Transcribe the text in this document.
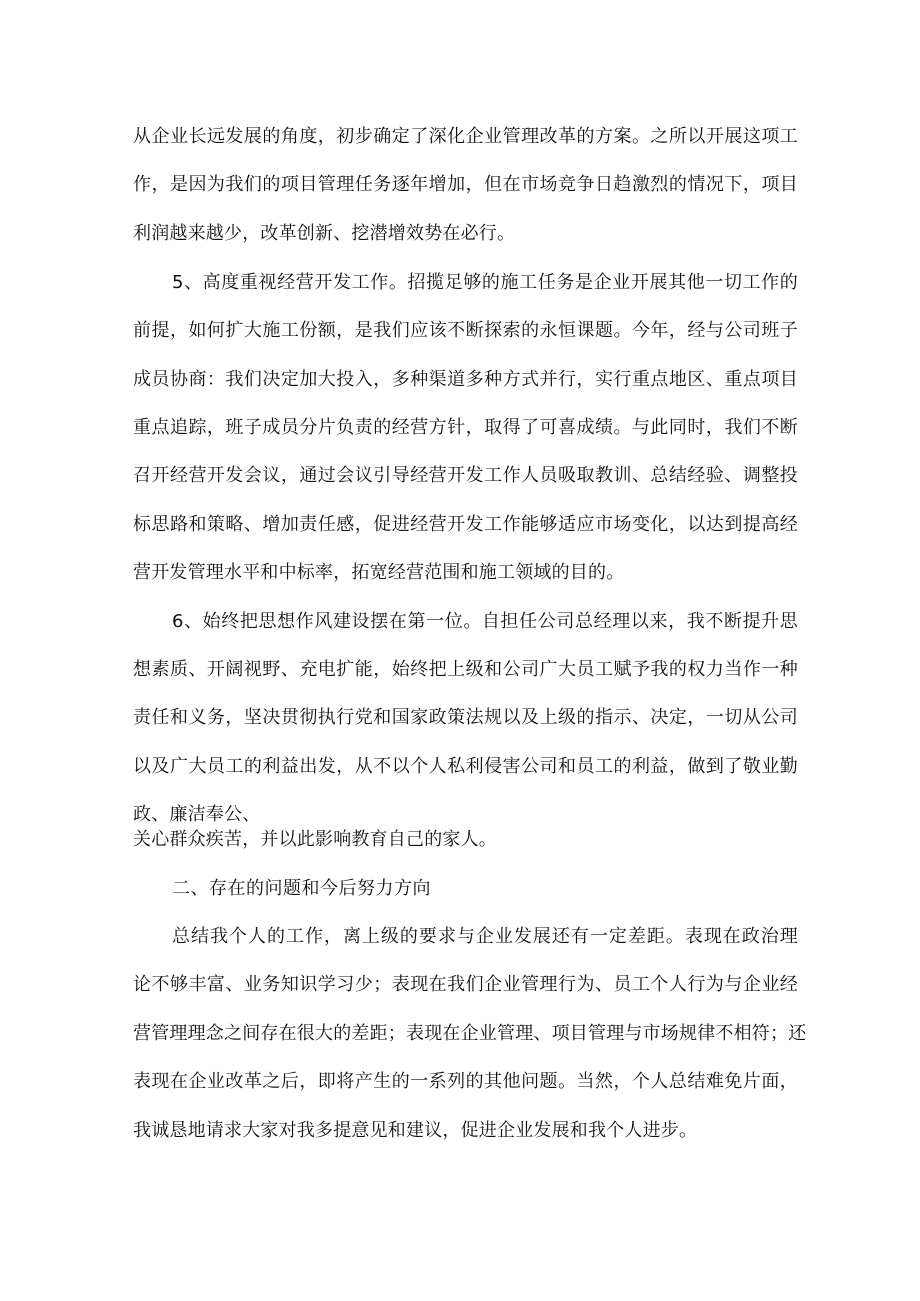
从企业长远发展的角度，初步确定了深化企业管理改革的方案。之所以开展这项工
作，是因为我们的项目管理任务逐年增加，但在市场竞争日趋激烈的情况下，项目
利润越来越少，改革创新、挖潜增效势在必行。
5、高度重视经营开发工作。招揽足够的施工任务是企业开展其他一切工作的
前提，如何扩大施工份额，是我们应该不断探索的永恒课题。今年，经与公司班子
成员协商：我们决定加大投入，多种渠道多种方式并行，实行重点地区、重点项目
重点追踪，班子成员分片负责的经营方针，取得了可喜成绩。与此同时，我们不断
召开经营开发会议，通过会议引导经营开发工作人员吸取教训、总结经验、调整投
标思路和策略、增加责任感，促进经营开发工作能够适应市场变化，以达到提高经
营开发管理水平和中标率，拓宽经营范围和施工领域的目的。
6、始终把思想作风建设摆在第一位。自担任公司总经理以来，我不断提升思
想素质、开阔视野、充电扩能，始终把上级和公司广大员工赋予我的权力当作一种
责任和义务，坚决贯彻执行党和国家政策法规以及上级的指示、决定，一切从公司
以及广大员工的利益出发，从不以个人私利侵害公司和员工的利益，做到了敬业勤
政、廉洁奉公、
关心群众疾苦，并以此影响教育自己的家人。
二、存在的问题和今后努力方向
总结我个人的工作，离上级的要求与企业发展还有一定差距。表现在政治理
论不够丰富、业务知识学习少；表现在我们企业管理行为、员工个人行为与企业经
营管理理念之间存在很大的差距；表现在企业管理、项目管理与市场规律不相符；还
表现在企业改革之后，即将产生的一系列的其他问题。当然，个人总结难免片面，
我诚恳地请求大家对我多提意见和建议，促进企业发展和我个人进步。
